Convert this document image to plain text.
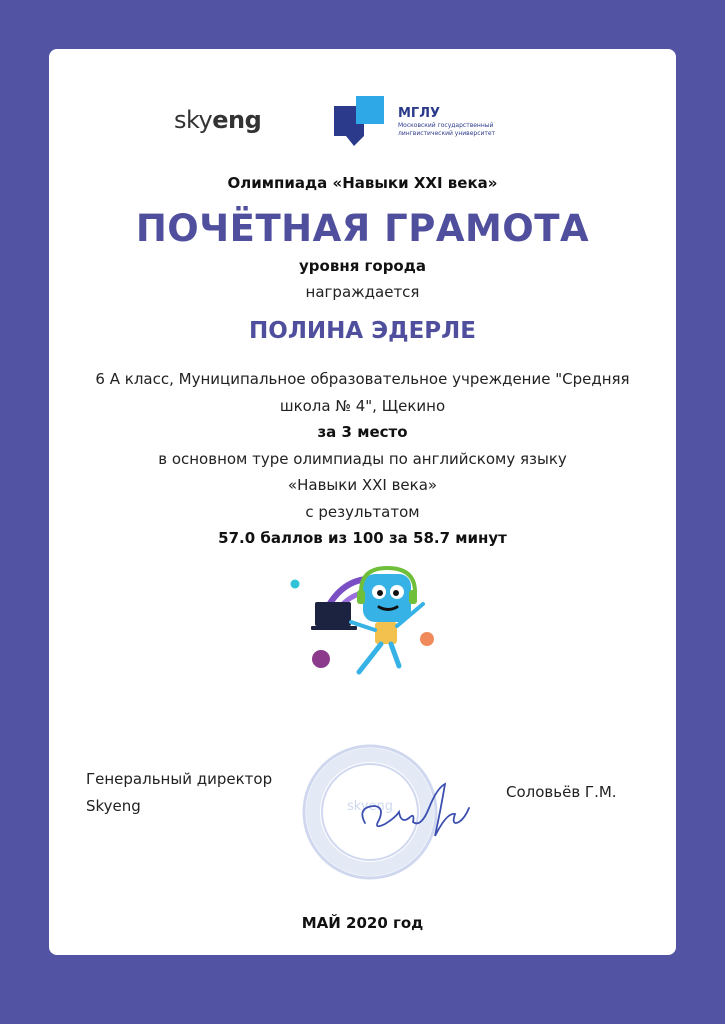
skyeng	МГЛУ
Московский государственный лингвистический университет
Олимпиада «Навыки XXI века»
ПОЧЁТНАЯ ГРАМОТА
уровня города
награждается
ПОЛИНА ЭДЕРЛЕ
6 А класс, Муниципальное образовательное учреждение "Средняя
школа № 4", Щекино
за 3 место
в основном туре олимпиады по английскому языку
«Навыки XXI века»
с результатом
57.0 баллов из 100 за 58.7 минут
Генеральный директор
Skyeng	skyeng
Соловьёв Г.М.
МАЙ 2020 год
